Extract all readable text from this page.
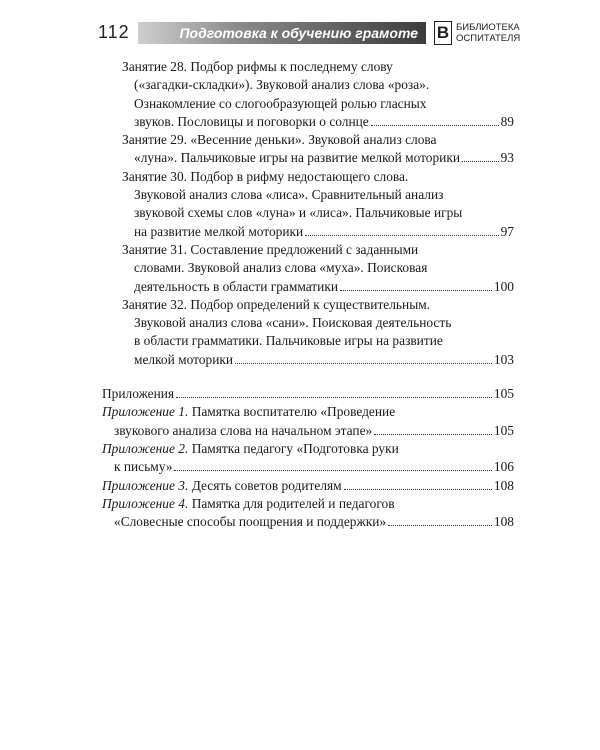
112	Подготовка к обучению грамоте	В БИБЛИОТЕКА
ОСПИТАТЕЛЯ
Занятие 28. Подбор рифмы к последнему слову
(«загадки-складки»). Звуковой анализ слова «роза».
Ознакомление со слогообразующей ролью гласных
звуков. Пословицы и поговорки о солнце	89
Занятие 29. «Весенние деньки». Звуковой анализ слова
«луна». Пальчиковые игры на развитие мелкой моторики	93
Занятие 30. Подбор в рифму недостающего слова.
Звуковой анализ слова «лиса». Сравнительный анализ
звуковой схемы слов «луна» и «лиса». Пальчиковые игры
на развитие мелкой моторики	97
Занятие 31. Составление предложений с заданными
словами. Звуковой анализ слова «муха». Поисковая
деятельность в области грамматики	100
Занятие 32. Подбор определений к существительным.
Звуковой анализ слова «сани». Поисковая деятельность
в области грамматики. Пальчиковые игры на развитие
мелкой моторики	103
Приложения	105
Приложение 1. Памятка воспитателю «Проведение
звукового анализа слова на начальном этапе»	105
Приложение 2. Памятка педагогу «Подготовка руки
к письму»	106
Приложение 3. Десять советов родителям	108
Приложение 4. Памятка для родителей и педагогов
«Словесные способы поощрения и поддержки»	108
